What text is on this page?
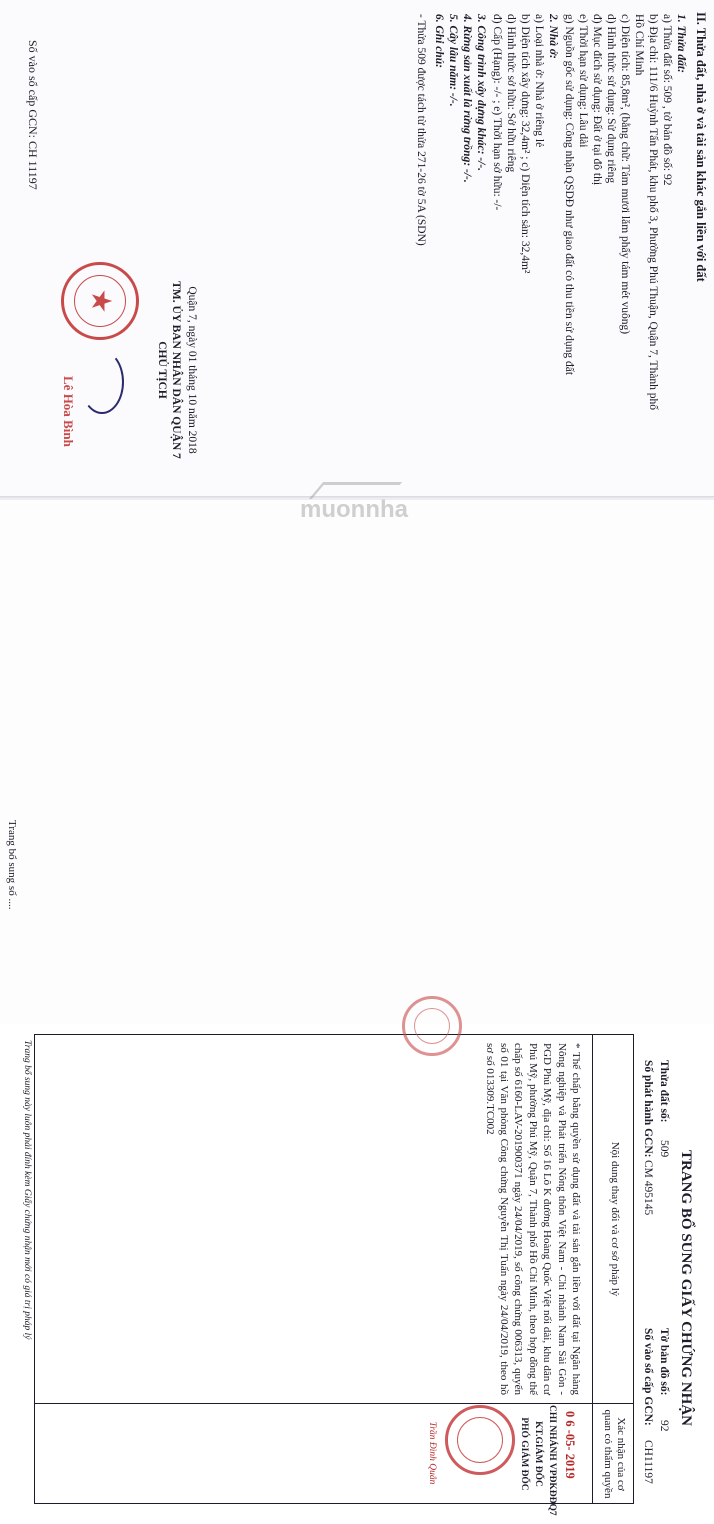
II. Thửa đất, nhà ở và tài sản khác gắn liền với đất
1. Thửa đất:
a) Thửa đất số: 509 , tờ bản đồ số: 92
b) Địa chỉ: 111/6 Huỳnh Tấn Phát, khu phố 3, Phường Phú Thuận, Quận 7, Thành phố
Hồ Chí Minh
c) Diện tích: 85,8m², (bằng chữ: Tám mươi lăm phẩy tám mét vuông)
d) Hình thức sử dụng: Sử dụng riêng
đ) Mục đích sử dụng: Đất ở tại đô thị
e) Thời hạn sử dụng: Lâu dài
g) Nguồn gốc sử dụng: Công nhận QSDĐ như giao đất có thu tiền sử dụng đất
2. Nhà ở:
a) Loại nhà ở: Nhà ở riêng lẻ
b) Diện tích xây dựng: 32,4m² ; c) Diện tích sàn: 32,4m²
d) Hình thức sở hữu: Sở hữu riêng
đ) Cấp (Hạng): -/- ; e) Thời hạn sở hữu: -/-
3. Công trình xây dựng khác: -/-.
4. Rừng sản xuất là rừng trồng: -/-.
5. Cây lâu năm: -/-.
6. Ghi chú:
- Thửa 509 được tách từ thửa 271-26 tờ 5A (SDN)
Quận 7, ngày 01 tháng 10 năm 2018
TM. ỦY BAN NHÂN DÂN QUẬN 7
CHỦ TỊCH
★
Lê Hòa Bình
Số vào sổ cấp GCN: CH 11197
TRANG BỔ SUNG GIẤY CHỨNG NHẬN
Thửa đất số:
509
Tờ bản đồ số:
92
Số phát hành GCN:
CM 495145
Số vào sổ cấp GCN:
CH11197
Nội dung thay đổi và cơ sở pháp lý
Xác nhận của cơ quan có thẩm quyền
* Thế chấp bằng quyền sử dụng đất và tài sản gắn liền với đất tại Ngân hàng Nông nghiệp và Phát triển Nông thôn Việt Nam - Chi nhánh Nam Sài Gòn - PGD Phú Mỹ, địa chỉ: Số 16 Lô K đường Hoàng Quốc Việt nối dài, khu dân cư Phú Mỹ, phường Phú Mỹ, Quận 7, Thành phố Hồ Chí Minh, theo hợp đồng thế chấp số 6160-LAV-201900371 ngày 24/04/2019, số công chứng 006313, quyển số 01 tại Văn phòng Công chứng Nguyễn Thị Tuấn ngày 24/04/2019, theo hồ sơ số 013309.TC002
0 6 -05- 2019
CHI NHÁNH VPĐKĐĐQ7
KT.GIÁM ĐỐC
PHÓ GIÁM ĐỐC
Trần Đình Quân
Trang bổ sung này luôn phải đính kèm Giấy chứng nhận mới có giá trị pháp lý
Trang bổ sung số ....
muonnha
